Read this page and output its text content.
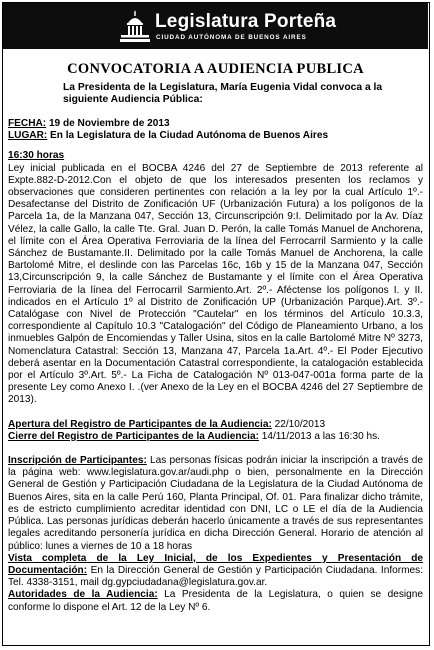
Legislatura Porteña
CIUDAD AUTÓNOMA DE BUENOS AIRES
CONVOCATORIA A AUDIENCIA PUBLICA
La Presidenta de la Legislatura, María Eugenia Vidal convoca a la siguiente Audiencia Pública:

FECHA: 19 de Noviembre de 2013

LUGAR: En la Legislatura de la Ciudad Autónoma de Buenos Aires

16:30 horas

Ley inicial publicada en el BOCBA 4246 del 27 de Septiembre de 2013 referente al Expte.882-D-2012.Con el objeto de que los interesados presenten los reclamos y observaciones que consideren pertinentes con relación a la ley por la cual Artículo 1º.- Desafectanse del Distrito de Zonificación UF (Urbanización Futura) a los polígonos de la Parcela 1a, de la Manzana 047, Sección 13, Circunscripción 9:I. Delimitado por la Av. Díaz Vélez, la calle Gallo, la calle Tte. Gral. Juan D. Perón, la calle Tomás Manuel de Anchorena, el límite con el Área Operativa Ferroviaria de la línea del Ferrocarril Sarmiento y la calle Sánchez de Bustamante.II. Delimitado por la calle Tomás Manuel de Anchorena, la calle Bartolomé Mitre, el deslinde con las Parcelas 16c, 16b y 15 de la Manzana 047, Sección 13,Circunscripción 9, la calle Sánchez de Bustamante y el límite con el Área Operativa Ferroviaria de la línea del Ferrocarril Sarmiento.Art. 2º.- Aféctense los polígonos I. y II. indicados en el Artículo 1º al Distrito de Zonificación UP (Urbanización Parque).Art. 3º.- Catalógase con Nivel de Protección "Cautelar" en los términos del Artículo 10.3.3, correspondiente al Capítulo 10.3 "Catalogación" del Código de Planeamiento Urbano, a los inmuebles Galpón de Encomiendas y Taller Usina, sitos en la calle Bartolomé Mitre Nº 3273, Nomenclatura Catastral: Sección 13, Manzana 47, Parcela 1a.Art. 4º.- El Poder Ejecutivo deberá asentar en la Documentación Catastral correspondiente, la catalogación establecida por el Artículo 3º.Art. 5º.- La Ficha de Catalogación Nº 013-047-001a forma parte de la presente Ley como Anexo I. .(ver Anexo de la Ley en el BOCBA 4246 del 27 Septiembre de 2013).

Apertura del Registro de Participantes de la Audiencia: 22/10/2013

Cierre del Registro de Participantes de la Audiencia: 14/11/2013 a las 16:30 hs.

Inscripción de Participantes: Las personas físicas podrán iniciar la inscripción a través de la página web: www.legislatura.gov.ar/audi.php o bien, personalmente en la Dirección General de Gestión y Participación Ciudadana de la Legislatura de la Ciudad Autónoma de Buenos Aires, sita en la calle Perú 160, Planta Principal, Of. 01. Para finalizar dicho trámite, es de estricto cumplimiento acreditar identidad con DNI, LC o LE el día de la Audiencia Pública. Las personas jurídicas deberán hacerlo únicamente a través de sus representantes legales acreditando personería jurídica en dicha Dirección General. Horario de atención al público: lunes a viernes de 10 a 18 horas

Vista completa de la Ley Inicial, de los Expedientes y Presentación de Documentación: En la Dirección General de Gestión y Participación Ciudadana. Informes: Tel. 4338-3151, mail dg.gypciudadana@legislatura.gov.ar.

Autoridades de la Audiencia: La Presidenta de la Legislatura, o quien se designe conforme lo dispone el Art. 12 de la Ley Nº 6.
